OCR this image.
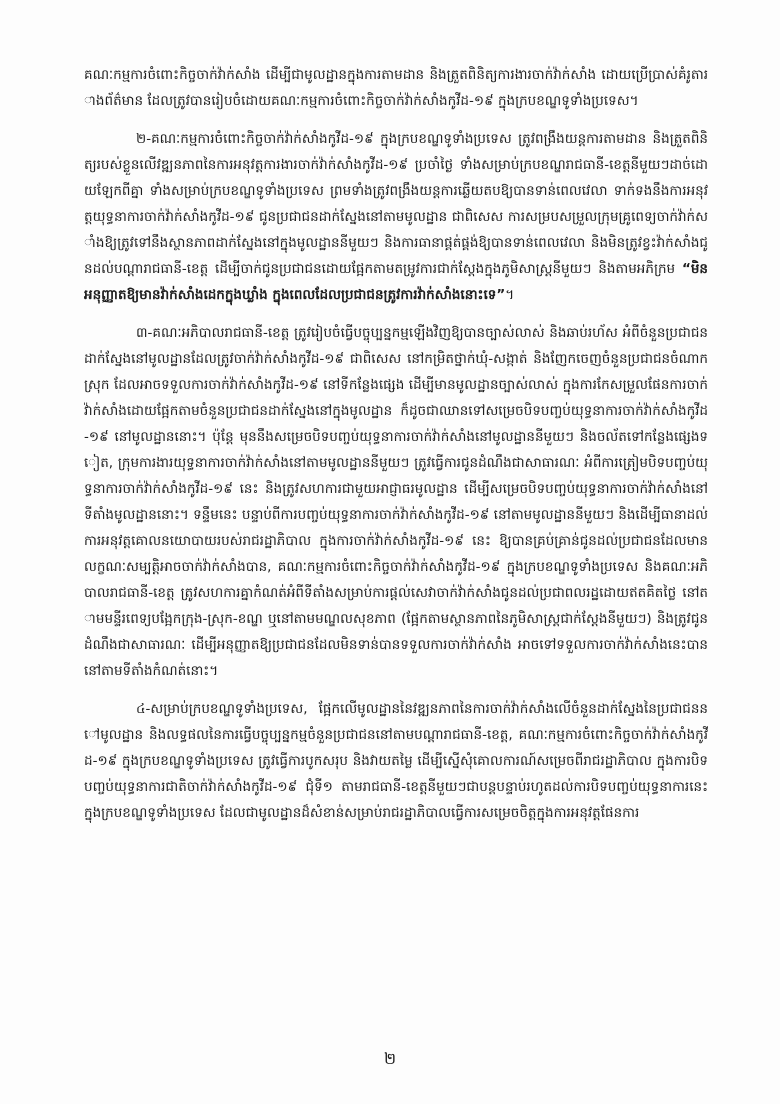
គណៈកម្មការចំពោះកិច្ចចាក់វ៉ាក់សាំង ដើម្បីជាមូលដ្ឋានក្នុងការតាមដាន និងត្រួតពិនិត្យការងារចាក់វ៉ាក់សាំង ដោយប្រើប្រាស់គំរូតារាងព័ត៌មាន ដែលត្រូវបានរៀបចំដោយគណៈកម្មការចំពោះកិច្ចចាក់វ៉ាក់សាំងកូវីដ-១៩ ក្នុងក្របខណ្ឌទូទាំងប្រទេស។

២-គណៈកម្មការចំពោះកិច្ចចាក់វ៉ាក់សាំងកូវីដ-១៩ ក្នុងក្របខណ្ឌទូទាំងប្រទេស ត្រូវពង្រឹងយន្តការតាមដាន និងត្រួតពិនិត្យរបស់ខ្លួនលើវឌ្ឍនភាពនៃការអនុវត្តការងារចាក់វ៉ាក់សាំងកូវីដ-១៩ ប្រចាំថ្ងៃ ទាំងសម្រាប់ក្របខណ្ឌរាជធានី-ខេត្តនីមួយៗដាច់ដោយឡែកពីគ្នា ទាំងសម្រាប់ក្របខណ្ឌទូទាំងប្រទេស ព្រមទាំងត្រូវពង្រឹងយន្តការឆ្លើយតបឱ្យបានទាន់ពេលវេលា ទាក់ទងនឹងការអនុវត្តយុទ្ធនាការចាក់វ៉ាក់សាំងកូវីដ-១៩ ជូនប្រជាជនដាក់ស្នែងនៅតាមមូលដ្ឋាន ជាពិសេស ការសម្របសម្រួលក្រុមគ្រូពេទ្យចាក់វ៉ាក់សាំងឱ្យត្រូវទៅនឹងស្ថានភាពដាក់ស្នែងនៅក្នុងមូលដ្ឋាននីមួយៗ និងការធានាផ្គត់ផ្គង់ឱ្យបានទាន់ពេលវេលា និងមិនត្រូវខ្វះវ៉ាក់សាំងជូនដល់បណ្តារាជធានី-ខេត្ត ដើម្បីចាក់ជូនប្រជាជនដោយផ្អែកតាមតម្រូវការជាក់ស្ដែងក្នុងភូមិសាស្ត្រនីមួយៗ និងតាមអភិក្រម “មិនអនុញ្ញាតឱ្យមានវ៉ាក់សាំងដេកក្នុងឃ្លាំង ក្នុងពេលដែលប្រជាជនត្រូវការវ៉ាក់សាំងនោះទេ”។

៣-គណៈអភិបាលរាជធានី-ខេត្ត ត្រូវរៀបចំធ្វើបច្ចុប្បន្នកម្មឡើងវិញឱ្យបានច្បាស់លាស់ និងឆាប់រហ័ស អំពីចំនួនប្រជាជនដាក់ស្នែងនៅមូលដ្ឋានដែលត្រូវចាក់វ៉ាក់សាំងកូវីដ-១៩ ជាពិសេស នៅកម្រិតថ្នាក់ឃុំ-សង្កាត់ និងញែកចេញចំនួនប្រជាជនចំណាកស្រុក ដែលអាចទទួលការចាក់វ៉ាក់សាំងកូវីដ-១៩ នៅទីកន្លែងផ្សេង ដើម្បីមានមូលដ្ឋានច្បាស់លាស់ ក្នុងការកែសម្រួលផែនការចាក់វ៉ាក់សាំងដោយផ្អែកតាមចំនួនប្រជាជនដាក់ស្នែងនៅក្នុងមូលដ្ឋាន ក៏ដូចជាឈានទៅសម្រេចបិទបញ្ចប់យុទ្ធនាការចាក់វ៉ាក់សាំងកូវីដ-១៩ នៅមូលដ្ឋាននោះ។ ប៉ុន្តែ មុននឹងសម្រេចបិទបញ្ចប់យុទ្ធនាការចាក់វ៉ាក់សាំងនៅមូលដ្ឋាននីមួយៗ និងចល័តទៅកន្លែងផ្សេងទៀត, ក្រុមការងារយុទ្ធនាការចាក់វ៉ាក់សាំងនៅតាមមូលដ្ឋាននីមួយៗ ត្រូវធ្វើការជូនដំណឹងជាសាធារណៈ អំពីការត្រៀមបិទបញ្ចប់យុទ្ធនាការចាក់វ៉ាក់សាំងកូវីដ-១៩ នេះ និងត្រូវសហការជាមួយអាជ្ញាធរមូលដ្ឋាន ដើម្បីសម្រេចបិទបញ្ចប់យុទ្ធនាការចាក់វ៉ាក់សាំងនៅទីតាំងមូលដ្ឋាននោះ។ ទន្ទឹមនេះ បន្ទាប់ពីការបញ្ចប់យុទ្ធនាការចាក់វ៉ាក់សាំងកូវីដ-១៩ នៅតាមមូលដ្ឋាននីមួយៗ និងដើម្បីធានាដល់ការអនុវត្តគោលនយោបាយរបស់រាជរដ្ឋាភិបាល ក្នុងការចាក់វ៉ាក់សាំងកូវីដ-១៩ នេះ ឱ្យបានគ្រប់គ្រាន់ជូនដល់ប្រជាជនដែលមានលក្ខណៈសម្បត្តិអាចចាក់វ៉ាក់សាំងបាន, គណៈកម្មការចំពោះកិច្ចចាក់វ៉ាក់សាំងកូវីដ-១៩ ក្នុងក្របខណ្ឌទូទាំងប្រទេស និងគណៈអភិបាលរាជធានី-ខេត្ត ត្រូវសហការគ្នាកំណត់អំពីទីតាំងសម្រាប់ការផ្តល់សេវាចាក់វ៉ាក់សាំងជូនដល់ប្រជាពលរដ្ឋដោយឥតគិតថ្លៃ នៅតាមមន្ទីរពេទ្យបង្អែកក្រុង-ស្រុក-ខណ្ឌ ឬនៅតាមមណ្ឌលសុខភាព (ផ្អែកតាមស្ថានភាពនៃភូមិសាស្ត្រជាក់ស្ដែងនីមួយៗ) និងត្រូវជូនដំណឹងជាសាធារណៈ ដើម្បីអនុញ្ញាតឱ្យប្រជាជនដែលមិនទាន់បានទទួលការចាក់វ៉ាក់សាំង អាចទៅទទួលការចាក់វ៉ាក់សាំងនេះបាននៅតាមទីតាំងកំណត់នោះ។

៤-សម្រាប់ក្របខណ្ឌទូទាំងប្រទេស, ផ្អែកលើមូលដ្ឋាននៃវឌ្ឍនភាពនៃការចាក់វ៉ាក់សាំងលើចំនួនដាក់ស្នែងនៃប្រជាជននៅមូលដ្ឋាន និងលទ្ធផលនៃការធ្វើបច្ចុប្បន្នកម្មចំនួនប្រជាជននៅតាមបណ្តារាជធានី-ខេត្ត, គណៈកម្មការចំពោះកិច្ចចាក់វ៉ាក់សាំងកូវីដ-១៩ ក្នុងក្របខណ្ឌទូទាំងប្រទេស ត្រូវធ្វើការបូកសរុប និងវាយតម្លៃ ដើម្បីស្នើសុំគោលការណ៍សម្រេចពីរាជរដ្ឋាភិបាល ក្នុងការបិទបញ្ចប់យុទ្ធនាការជាតិចាក់វ៉ាក់សាំងកូវីដ-១៩ ជុំទី១ តាមរាជធានី-ខេត្តនីមួយៗជាបន្តបន្ទាប់រហូតដល់ការបិទបញ្ចប់យុទ្ធនាការនេះក្នុងក្របខណ្ឌទូទាំងប្រទេស ដែលជាមូលដ្ឋានដ៏សំខាន់សម្រាប់រាជរដ្ឋាភិបាលធ្វើការសម្រេចចិត្តក្នុងការអនុវត្តផែនការ

២
